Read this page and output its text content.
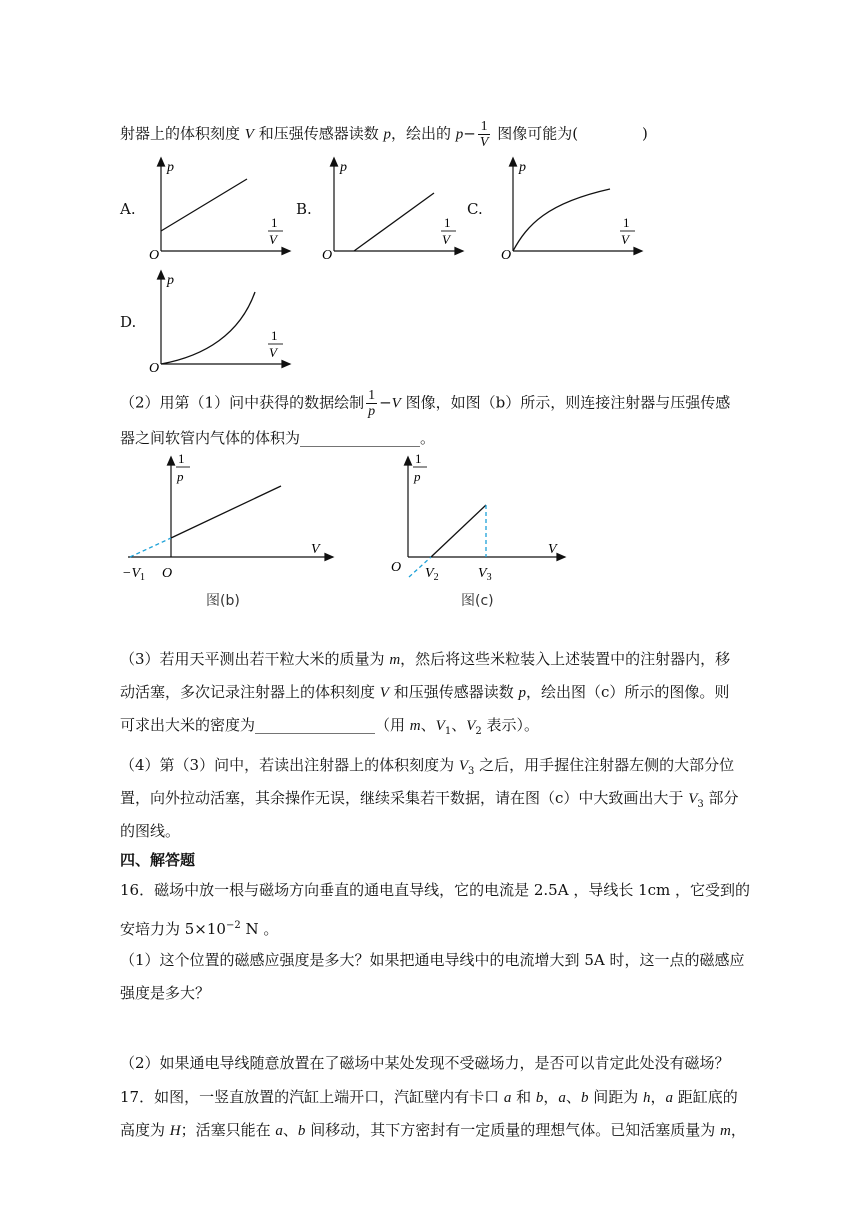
射器上的体积刻度 V 和压强传感器读数 p，绘出的 $p- \frac{1}{V}$ 图像可能为(	)
A.
p
O
1
V
B.
p
O
1
V
C.
p
O
1
V
D.
p
O
1
V
（2）用第（1）问中获得的数据绘制 $\frac{1}{p} -V$ 图像，如图（b）所示，则连接注射器与压强传感
器之间软管内气体的体积为________________。
1
p
V
$-V_1$ O
图(b)
1
p
V
O $V_2$	$V_3$
图(c)
（3）若用天平测出若干粒大米的质量为 m，然后将这些米粒装入上述装置中的注射器内，移
动活塞，多次记录注射器上的体积刻度 V 和压强传感器读数 p，绘出图（c）所示的图像。则
可求出大米的密度为________________（用 m、$V_1$、$V_2$ 表示）。
（4）第（3）问中，若读出注射器上的体积刻度为 $V_3$ 之后，用手握住注射器左侧的大部分位
置，向外拉动活塞，其余操作无误，继续采集若干数据，请在图（c）中大致画出大于 $V_3$ 部分
的图线。
四、解答题
16．磁场中放一根与磁场方向垂直的通电直导线，它的电流是 2.5A ，导线长 1cm ，它受到的
安培力为 $5\times 10^{-2}$ N 。
（1）这个位置的磁感应强度是多大？如果把通电导线中的电流增大到 5A 时，这一点的磁感应
强度是多大？
（2）如果通电导线随意放置在了磁场中某处发现不受磁场力，是否可以肯定此处没有磁场？
17．如图，一竖直放置的汽缸上端开口，汽缸壁内有卡口 a 和 b，a、b 间距为 h，a 距缸底的
高度为 H；活塞只能在 a、b 间移动，其下方密封有一定质量的理想气体。已知活塞质量为 m，
